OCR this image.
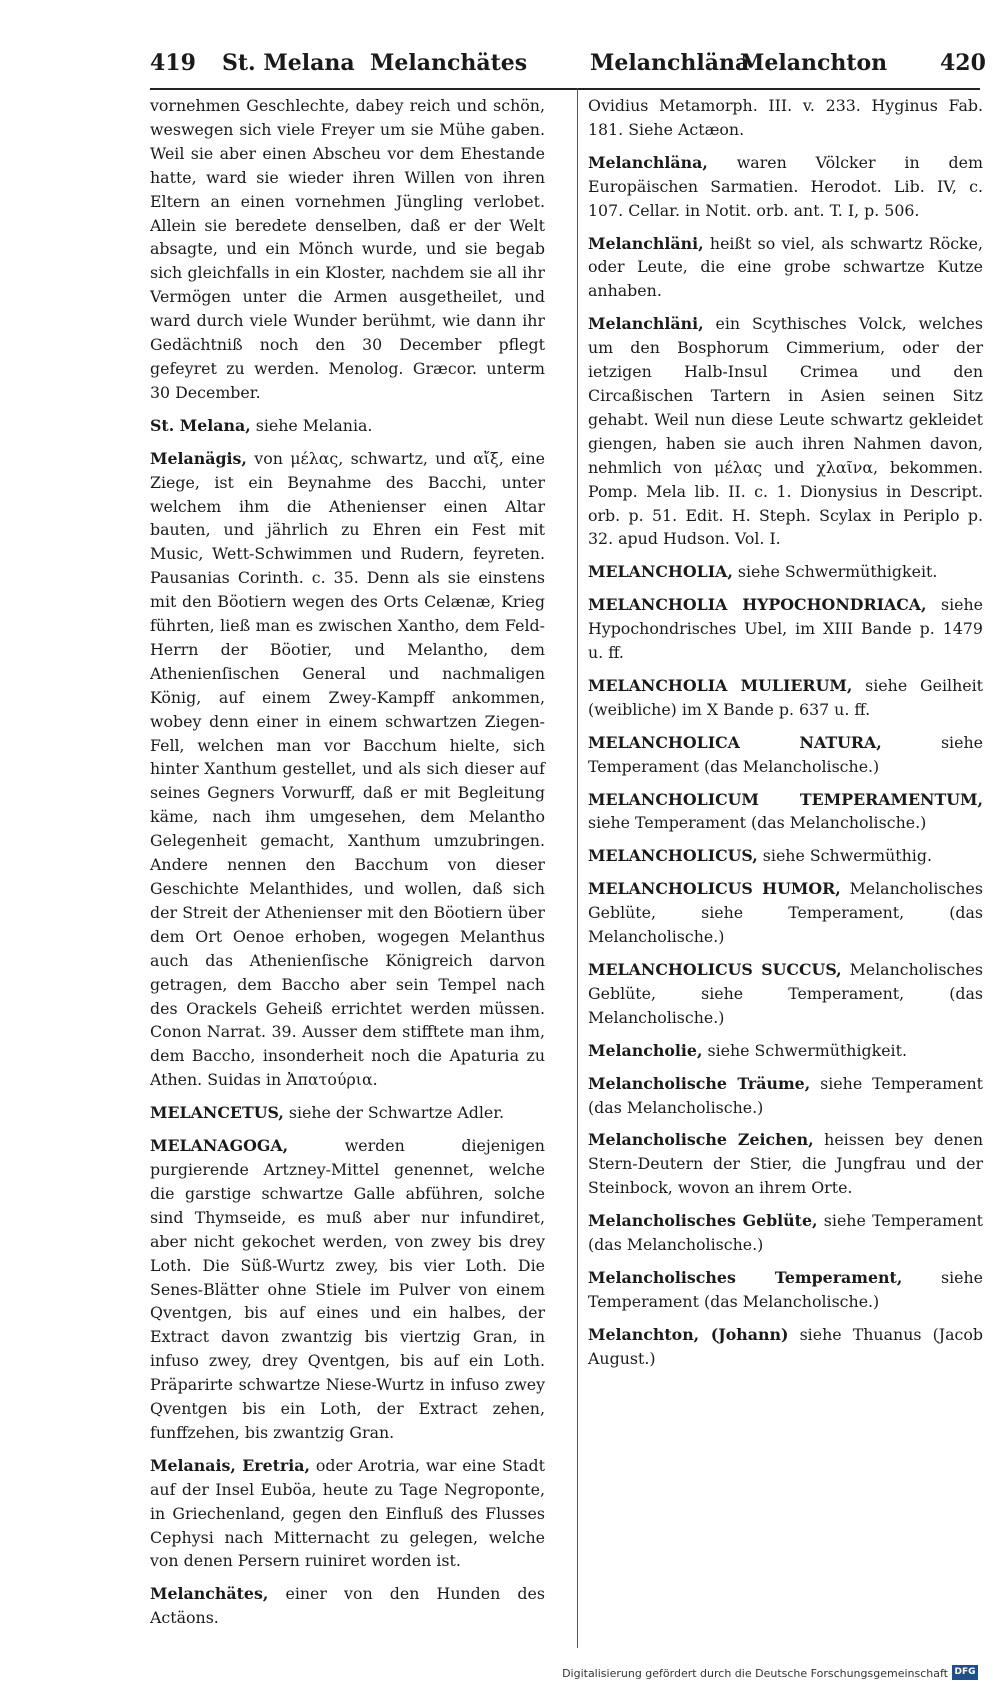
419 St. Melana Melanchätes	Melanchläna
Melanchton 420

vornehmen Geschlechte, dabey reich und schön, weswegen sich viele Freyer um sie Mühe gaben. Weil sie aber einen Abscheu vor dem Ehestande hatte, ward sie wieder ihren Willen von ihren Eltern an einen vornehmen Jüngling verlobet. Allein sie beredete denselben, daß er der Welt absagte, und ein Mönch wurde, und sie begab sich gleichfalls in ein Kloster, nachdem sie all ihr Vermögen unter die Armen ausgetheilet, und ward durch viele Wunder berühmt, wie dann ihr Gedächtniß noch den 30 December pflegt gefeyret zu werden. Menolog. Græcor. unterm 30 December.

St. Melana, siehe Melania.

Melanägis, von μέλας, schwartz, und αἴξ, eine Ziege, ist ein Beynahme des Bacchi, unter welchem ihm die Athenienser einen Altar bauten, und jährlich zu Ehren ein Fest mit Music, Wett-Schwimmen und Rudern, feyreten. Pausanias Corinth. c. 35. Denn als sie einstens mit den Böotiern wegen des Orts Celænæ, Krieg führten, ließ man es zwischen Xantho, dem Feld-Herrn der Böotier, und Melantho, dem Athenienſischen General und nachmaligen König, auf einem Zwey-Kampff ankommen, wobey denn einer in einem schwartzen Ziegen-Fell, welchen man vor Bacchum hielte, sich hinter Xanthum gestellet, und als sich dieser auf seines Gegners Vorwurff, daß er mit Begleitung käme, nach ihm umgesehen, dem Melantho Gelegenheit gemacht, Xanthum umzubringen. Andere nennen den Bacchum von dieser Geschichte Melanthides, und wollen, daß sich der Streit der Athenienser mit den Böotiern über dem Ort Oenoe erhoben, wogegen Melanthus auch das Athenienſische Königreich darvon getragen, dem Baccho aber sein Tempel nach des Orackels Geheiß errichtet werden müssen. Conon Narrat. 39. Ausser dem stifftete man ihm, dem Baccho, insonderheit noch die Apaturia zu Athen. Suidas in Ἀπατούρια.

MELANCETUS, siehe der Schwartze Adler.

MELANAGOGA, werden diejenigen purgierende Artzney-Mittel genennet, welche die garstige schwartze Galle abführen, solche sind Thymseide, es muß aber nur infundiret, aber nicht gekochet werden, von zwey bis drey Loth. Die Süß-Wurtz zwey, bis vier Loth. Die Senes-Blätter ohne Stiele im Pulver von einem Qventgen, bis auf eines und ein halbes, der Extract davon zwantzig bis viertzig Gran, in infuso zwey, drey Qventgen, bis auf ein Loth. Präparirte schwartze Niese-Wurtz in infuso zwey Qventgen bis ein Loth, der Extract zehen, funffzehen, bis zwantzig Gran.

Melanais, Eretria, oder Arotria, war eine Stadt auf der Insel Euböa, heute zu Tage Negroponte, in Griechenland, gegen den Einfluß des Flusses Cephysi nach Mitternacht zu gelegen, welche von denen Persern ruiniret worden ist.

Melanchätes, einer von den Hunden des Actäons.

Ovidius Metamorph. III. v. 233. Hyginus Fab. 181. Siehe Actæon.

Melanchläna, waren Völcker in dem Europäischen Sarmatien. Herodot. Lib. IV, c. 107. Cellar. in Notit. orb. ant. T. I, p. 506.

Melanchläni, heißt so viel, als schwartz Röcke, oder Leute, die eine grobe schwartze Kutze anhaben.

Melanchläni, ein Scythisches Volck, welches um den Bosphorum Cimmerium, oder der ietzigen Halb-Insul Crimea und den Circaßischen Tartern in Asien seinen Sitz gehabt. Weil nun diese Leute schwartz gekleidet giengen, haben sie auch ihren Nahmen davon, nehmlich von μέλας und χλαῖνα, bekommen. Pomp. Mela lib. II. c. 1. Dionysius in Descript. orb. p. 51. Edit. H. Steph. Scylax in Periplo p. 32. apud Hudson. Vol. I.

MELANCHOLIA, siehe Schwermüthigkeit.

MELANCHOLIA HYPOCHONDRIACA, siehe Hypochondrisches Ubel, im XIII Bande p. 1479 u. ff.

MELANCHOLIA MULIERUM, siehe Geilheit (weibliche) im X Bande p. 637 u. ff.

MELANCHOLICA NATURA, siehe Temperament (das Melancholische.)

MELANCHOLICUM TEMPERAMENTUM, siehe Temperament (das Melancholische.)

MELANCHOLICUS, siehe Schwermüthig.

MELANCHOLICUS HUMOR, Melancholisches Geblüte, siehe Temperament, (das Melancholische.)

MELANCHOLICUS SUCCUS, Melancholisches Geblüte, siehe Temperament, (das Melancholische.)

Melancholie, siehe Schwermüthigkeit.

Melancholische Träume, siehe Temperament (das Melancholische.)

Melancholische Zeichen, heissen bey denen Stern-Deutern der Stier, die Jungfrau und der Steinbock, wovon an ihrem Orte.

Melancholisches Geblüte, siehe Temperament (das Melancholische.)

Melancholisches Temperament, siehe Temperament (das Melancholische.)

Melanchton, (Johann) siehe Thuanus (Jacob August.)

Digitalisierung gefördert durch die Deutsche Forschungsgemeinschaft DFG
